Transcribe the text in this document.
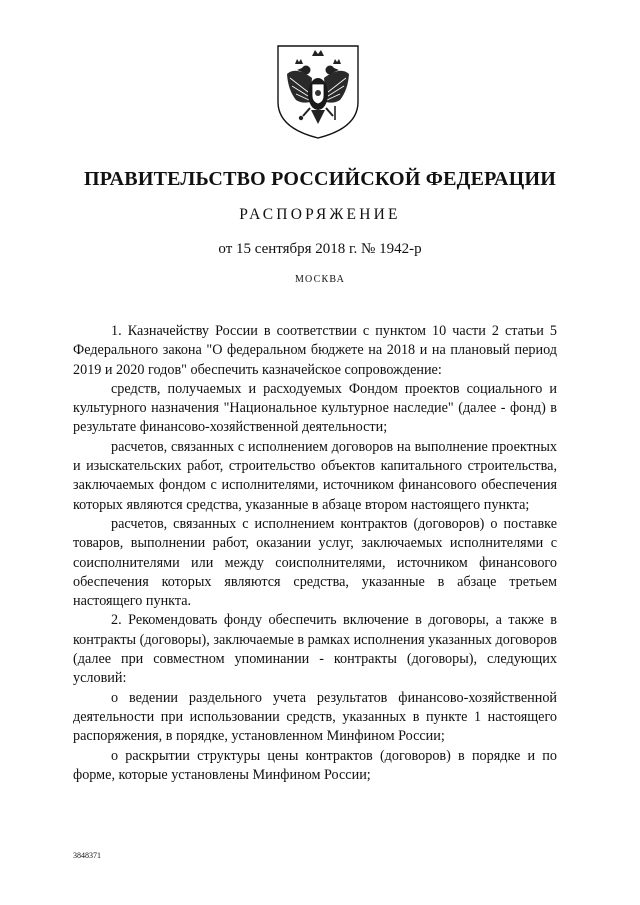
ПРАВИТЕЛЬСТВО РОССИЙСКОЙ ФЕДЕРАЦИИ
РАСПОРЯЖЕНИЕ
от 15 сентября 2018 г. № 1942-р
МОСКВА

1. Казначейству России в соответствии с пунктом 10 части 2 статьи 5 Федерального закона "О федеральном бюджете на 2018 и на плановый период 2019 и 2020 годов" обеспечить казначейское сопровождение:

средств, получаемых и расходуемых Фондом проектов социального и культурного назначения "Национальное культурное наследие" (далее - фонд) в результате финансово-хозяйственной деятельности;

расчетов, связанных с исполнением договоров на выполнение проектных и изыскательских работ, строительство объектов капитального строительства, заключаемых фондом с исполнителями, источником финансового обеспечения которых являются средства, указанные в абзаце втором настоящего пункта;

расчетов, связанных с исполнением контрактов (договоров) о поставке товаров, выполнении работ, оказании услуг, заключаемых исполнителями с соисполнителями или между соисполнителями, источником финансового обеспечения которых являются средства, указанные в абзаце третьем настоящего пункта.

2. Рекомендовать фонду обеспечить включение в договоры, а также в контракты (договоры), заключаемые в рамках исполнения указанных договоров (далее при совместном упоминании - контракты (договоры), следующих условий:

о ведении раздельного учета результатов финансово-хозяйственной деятельности при использовании средств, указанных в пункте 1 настоящего распоряжения, в порядке, установленном Минфином России;

о раскрытии структуры цены контрактов (договоров) в порядке и по форме, которые установлены Минфином России;

3848371
